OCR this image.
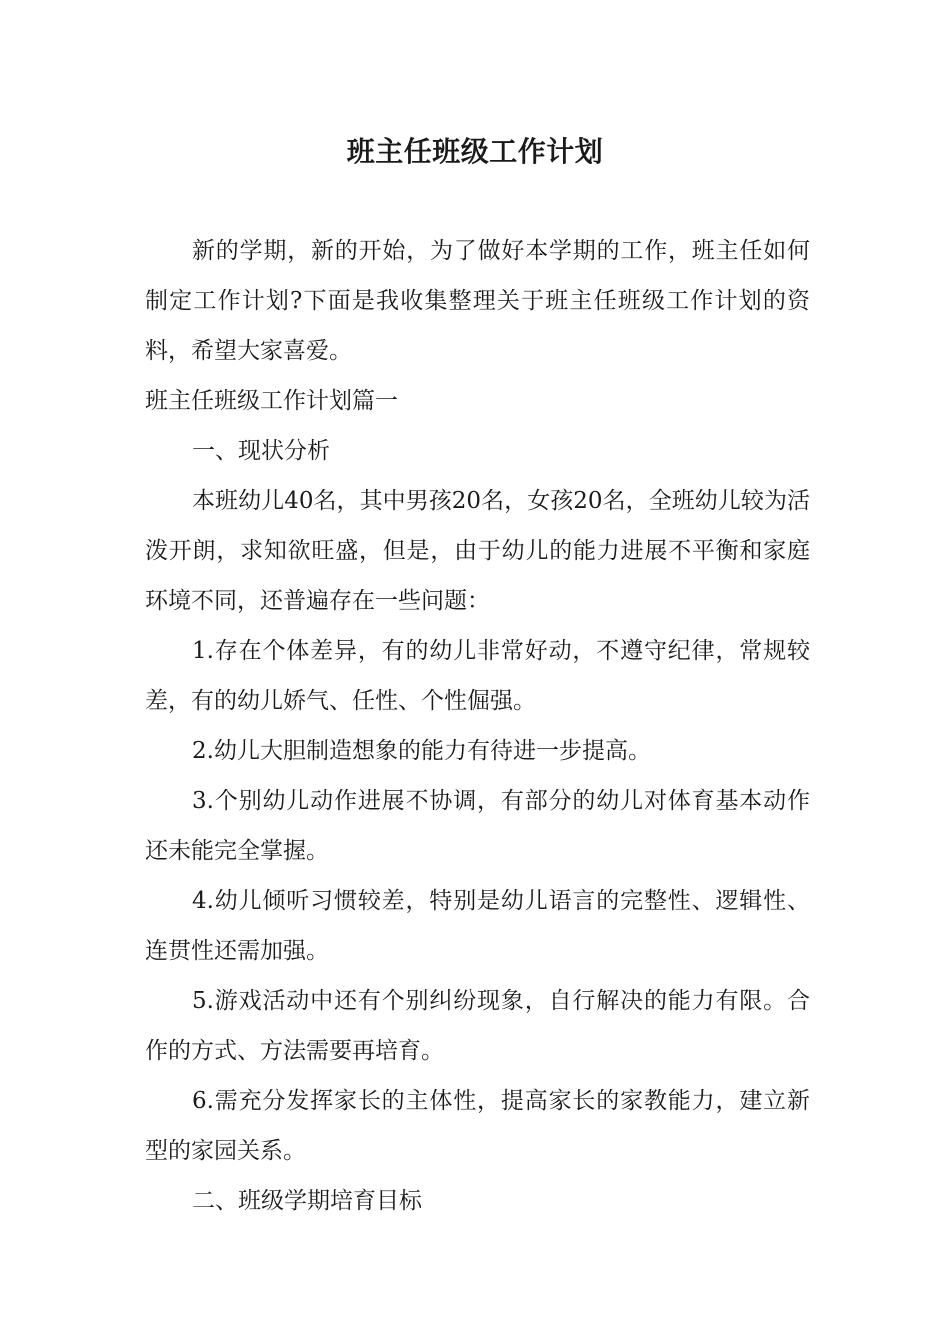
班主任班级工作计划

新的学期，新的开始，为了做好本学期的工作，班主任如何制定工作计划?下面是我收集整理关于班主任班级工作计划的资料，希望大家喜爱。

班主任班级工作计划篇一

一、现状分析

本班幼儿40名，其中男孩20名，女孩20名，全班幼儿较为活泼开朗，求知欲旺盛，但是，由于幼儿的能力进展不平衡和家庭环境不同，还普遍存在一些问题：

1.存在个体差异，有的幼儿非常好动，不遵守纪律，常规较差，有的幼儿娇气、任性、个性倔强。

2.幼儿大胆制造想象的能力有待进一步提高。

3.个别幼儿动作进展不协调，有部分的幼儿对体育基本动作还未能完全掌握。

4.幼儿倾听习惯较差，特别是幼儿语言的完整性、逻辑性、连贯性还需加强。

5.游戏活动中还有个别纠纷现象，自行解决的能力有限。合作的方式、方法需要再培育。

6.需充分发挥家长的主体性，提高家长的家教能力，建立新型的家园关系。

二、班级学期培育目标
